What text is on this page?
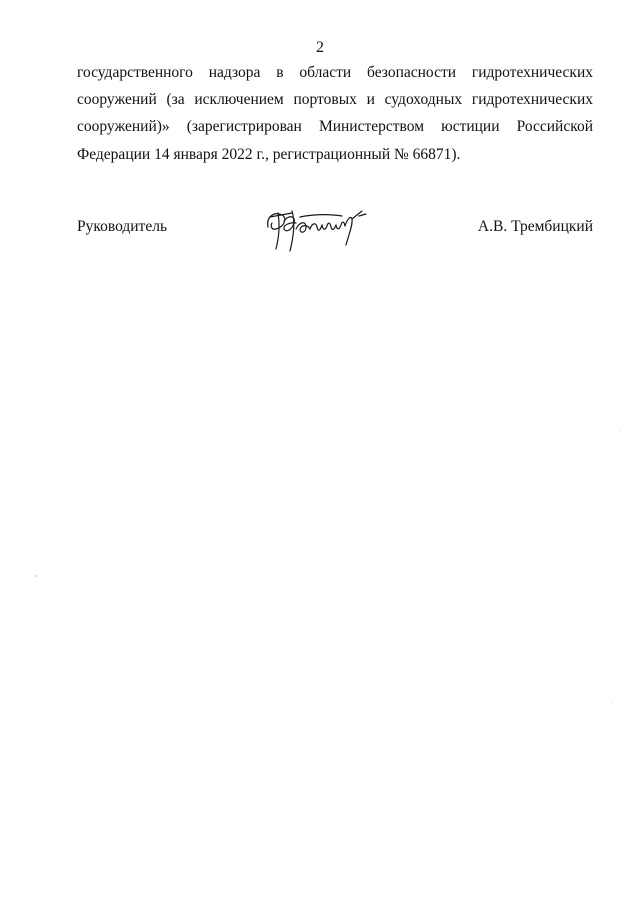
2
государственного надзора в области безопасности гидротехнических
сооружений (за исключением портовых и судоходных гидротехнических
сооружений)» (зарегистрирован Министерством юстиции Российской
Федерации 14 января 2022 г., регистрационный № 66871).
Руководитель	А.В. Трембицкий
